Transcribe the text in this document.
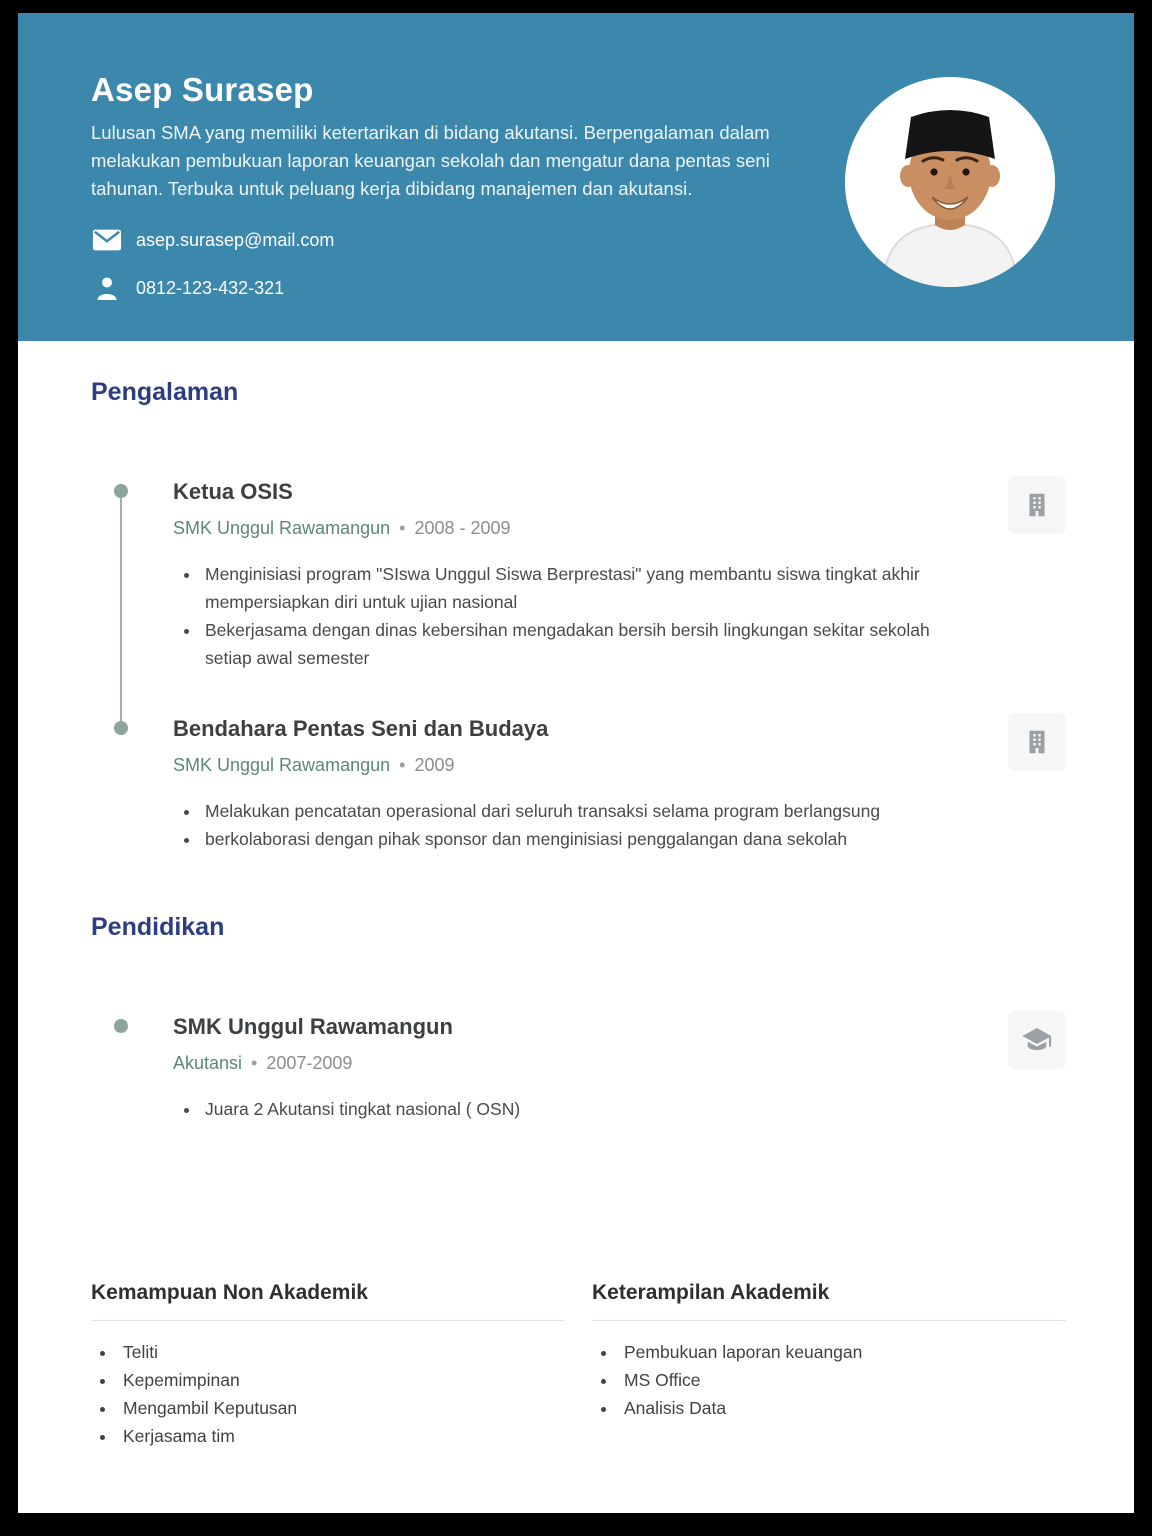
Asep Surasep

Lulusan SMA yang memiliki ketertarikan di bidang akutansi. Berpengalaman dalam melakukan pembukuan laporan keuangan sekolah dan mengatur dana pentas seni tahunan. Terbuka untuk peluang kerja dibidang manajemen dan akutansi.

asep.surasep@mail.com
0812-123-432-321
Pengalaman
Ketua OSIS
SMK Unggul Rawamangun • 2008 - 2009
• Menginisiasi program "SIswa Unggul Siswa Berprestasi" yang membantu siswa tingkat akhir mempersiapkan diri untuk ujian nasional
• Bekerjasama dengan dinas kebersihan mengadakan bersih bersih lingkungan sekitar sekolah setiap awal semester
Bendahara Pentas Seni dan Budaya
SMK Unggul Rawamangun • 2009
• Melakukan pencatatan operasional dari seluruh transaksi selama program berlangsung
• berkolaborasi dengan pihak sponsor dan menginisiasi penggalangan dana sekolah
Pendidikan
SMK Unggul Rawamangun
Akutansi • 2007-2009
• Juara 2 Akutansi tingkat nasional ( OSN)
Kemampuan Non Akademik
• Teliti
• Kepemimpinan
• Mengambil Keputusan
• Kerjasama tim
Keterampilan Akademik
• Pembukuan laporan keuangan
• MS Office
• Analisis Data
